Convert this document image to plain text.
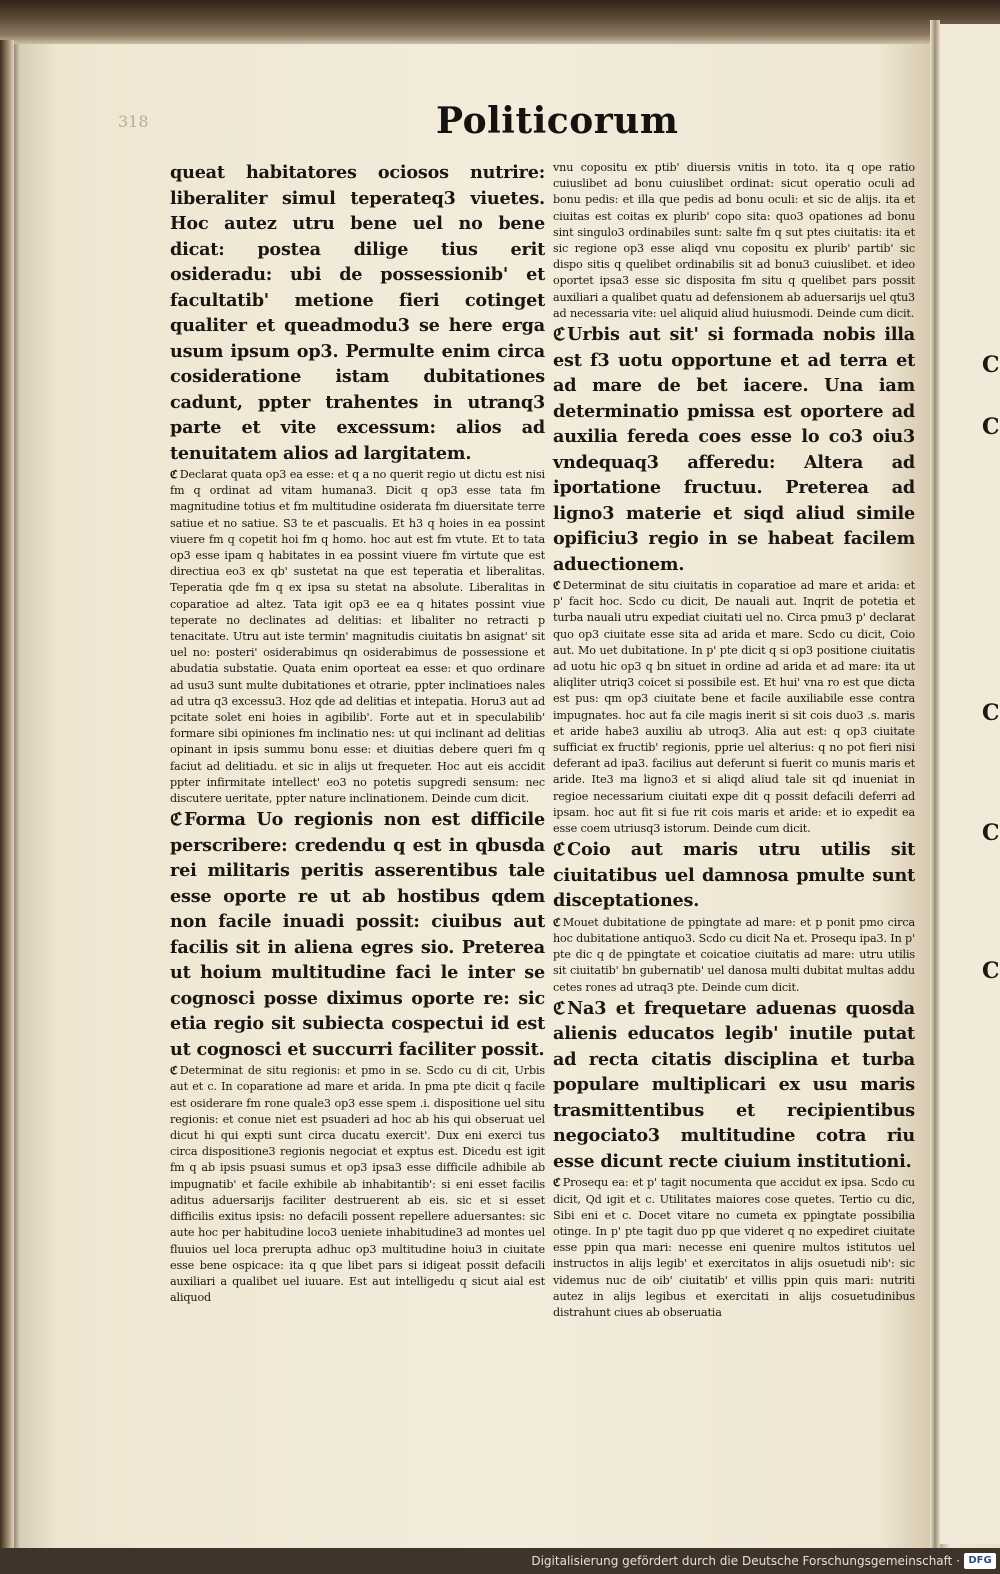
C
C
C
C
C
318	Politicorum

queat habitatores ociosos nutrire: liberaliter simul teperateq3 viuetes. Hoc autez utru bene uel no bene dicat: postea dilige tius erit osideradu: ubi de possessionib' et facultatib' metione fieri cotinget qualiter et queadmodu3 se here erga usum ipsum op3. Permulte enim circa cosideratione istam dubitationes cadunt, ppter trahentes in utranq3 parte et vite excessum: alios ad tenuitatem alios ad largitatem.

ℭ Declarat quata op3 ea esse: et q a no querit regio ut dictu est nisi fm q ordinat ad vitam humana3. Dicit q op3 esse tata fm magnitudine totius et fm multitudine osiderata fm diuersitate terre satiue et no satiue. S3 te et pascualis. Et h3 q hoies in ea possint viuere fm q copetit hoi fm q homo. hoc aut est fm vtute. Et to tata op3 esse ipam q habitates in ea possint viuere fm virtute que est directiua eo3 ex qb' sustetat na que est teperatia et liberalitas. Teperatia qde fm q ex ipsa su stetat na absolute. Liberalitas in coparatioe ad altez. Tata igit op3 ee ea q hitates possint viue teperate no declinates ad delitias: et libaliter no retracti p tenacitate. Utru aut iste termin' magnitudis ciuitatis bn asignat' sit uel no: posteri' osiderabimus qn osiderabimus de possessione et abudatia substatie. Quata enim oporteat ea esse: et quo ordinare ad usu3 sunt multe dubitationes et otrarie, ppter inclinatioes nales ad utra q3 excessu3. Hoz qde ad delitias et intepatia. Horu3 aut ad pcitate solet eni hoies in agibilib'. Forte aut et in speculabilib' formare sibi opiniones fm inclinatio nes: ut qui inclinant ad delitias opinant in ipsis summu bonu esse: et diuitias debere queri fm q faciut ad delitiadu. et sic in alijs ut frequeter. Hoc aut eis accidit ppter infirmitate intellect' eo3 no potetis supgredi sensum: nec discutere ueritate, ppter nature inclinationem. Deinde cum dicit.

ℭ Forma Uo regionis non est difficile perscribere: credendu q est in qbusda rei militaris peritis asserentibus tale esse oporte re ut ab hostibus qdem non facile inuadi possit: ciuibus aut facilis sit in aliena egres sio. Preterea ut hoium multitudine faci le inter se cognosci posse diximus oporte re: sic etia regio sit subiecta cospectui id est ut cognosci et succurri faciliter possit.

ℭ Determinat de situ regionis: et pmo in se. Scdo cu di cit, Urbis aut et c. In coparatione ad mare et arida. In pma pte dicit q facile est osiderare fm rone quale3 op3 esse spem .i. dispositione uel situ regionis: et conue niet est psuaderi ad hoc ab his qui obseruat uel dicut hi qui expti sunt circa ducatu exercit'. Dux eni exerci tus circa dispositione3 regionis negociat et exptus est. Dicedu est igit fm q ab ipsis psuasi sumus et op3 ipsa3 esse difficile adhibile ab impugnatib' et facile exhibile ab inhabitantib': si eni esset facilis aditus aduersarijs faciliter destruerent ab eis. sic et si esset difficilis exitus ipsis: no defacili possent repellere aduersantes: sic aute hoc per habitudine loco3 ueniete inhabitudine3 ad montes uel fluuios uel loca prerupta adhuc op3 multitudine hoiu3 in ciuitate esse bene ospicace: ita q que libet pars si idigeat possit defacili auxiliari a qualibet uel iuuare. Est aut intelligedu q sicut aial est aliquod

vnu copositu ex ptib' diuersis vnitis in toto. ita q ope ratio cuiuslibet ad bonu cuiuslibet ordinat: sicut operatio oculi ad bonu pedis: et illa que pedis ad bonu oculi: et sic de alijs. ita et ciuitas est coitas ex plurib' copo sita: quo3 opationes ad bonu sint singulo3 ordinabiles sunt: salte fm q sut ptes ciuitatis: ita et sic regione op3 esse aliqd vnu copositu ex plurib' partib' sic dispo sitis q quelibet ordinabilis sit ad bonu3 cuiuslibet. et ideo oportet ipsa3 esse sic disposita fm situ q quelibet pars possit auxiliari a qualibet quatu ad defensionem ab aduersarijs uel qtu3 ad necessaria vite: uel aliquid aliud huiusmodi. Deinde cum dicit.

ℭ Urbis aut sit' si formada nobis illa est f3 uotu opportune et ad terra et ad mare de bet iacere. Una iam determinatio pmissa est oportere ad auxilia fereda coes esse lo co3 oiu3 vndequaq3 afferedu: Altera ad iportatione fructuu. Preterea ad ligno3 materie et siqd aliud simile opificiu3 regio in se habeat facilem aduectionem.

ℭ Determinat de situ ciuitatis in coparatioe ad mare et arida: et p' facit hoc. Scdo cu dicit, De nauali aut. Inqrit de potetia et turba nauali utru expediat ciuitati uel no. Circa pmu3 p' declarat quo op3 ciuitate esse sita ad arida et mare. Scdo cu dicit, Coio aut. Mo uet dubitatione. In p' pte dicit q si op3 positione ciuitatis ad uotu hic op3 q bn situet in ordine ad arida et ad mare: ita ut aliqliter utriq3 coicet si possibile est. Et hui' vna ro est que dicta est pus: qm op3 ciuitate bene et facile auxiliabile esse contra impugnates. hoc aut fa cile magis inerit si sit cois duo3 .s. maris et aride habe3 auxiliu ab utroq3. Alia aut est: q op3 ciuitate sufficiat ex fructib' regionis, pprie uel alterius: q no pot fieri nisi deferant ad ipa3. facilius aut deferunt si fuerit co munis maris et aride. Ite3 ma ligno3 et si aliqd aliud tale sit qd inueniat in regioe necessarium ciuitati expe dit q possit defacili deferri ad ipsam. hoc aut fit si fue rit cois maris et aride: et io expedit ea esse coem utriusq3 istorum. Deinde cum dicit.

ℭ Coio aut maris utru utilis sit ciuitatibus uel damnosa pmulte sunt disceptationes.

ℭ Mouet dubitatione de ppingtate ad mare: et p ponit pmo circa hoc dubitatione antiquo3. Scdo cu dicit Na et. Prosequ ipa3. In p' pte dic q de ppingtate et coicatioe ciuitatis ad mare: utru utilis sit ciuitatib' bn gubernatib' uel danosa multi dubitat multas addu cetes rones ad utraq3 pte. Deinde cum dicit.

ℭ Na3 et frequetare aduenas quosda alienis educatos legib' inutile putat ad recta citatis disciplina et turba populare multiplicari ex usu maris trasmittentibus et recipientibus negociato3 multitudine cotra riu esse dicunt recte ciuium institutioni.

ℭ Prosequ ea: et p' tagit nocumenta que accidut ex ipsa. Scdo cu dicit, Qd igit et c. Utilitates maiores cose quetes. Tertio cu dic, Sibi eni et c. Docet vitare no cumeta ex ppingtate possibilia otinge. In p' pte tagit duo pp que videret q no expediret ciuitate esse ppin qua mari: necesse eni quenire multos istitutos uel instructos in alijs legib' et exercitatos in alijs osuetudi nib': sic videmus nuc de oib' ciuitatib' et villis ppin quis mari: nutriti autez in alijs legibus et exercitati in alijs cosuetudinibus distrahunt ciues ab obseruatia

Digitalisierung gefördert durch die Deutsche Forschungsgemeinschaft · DFG
